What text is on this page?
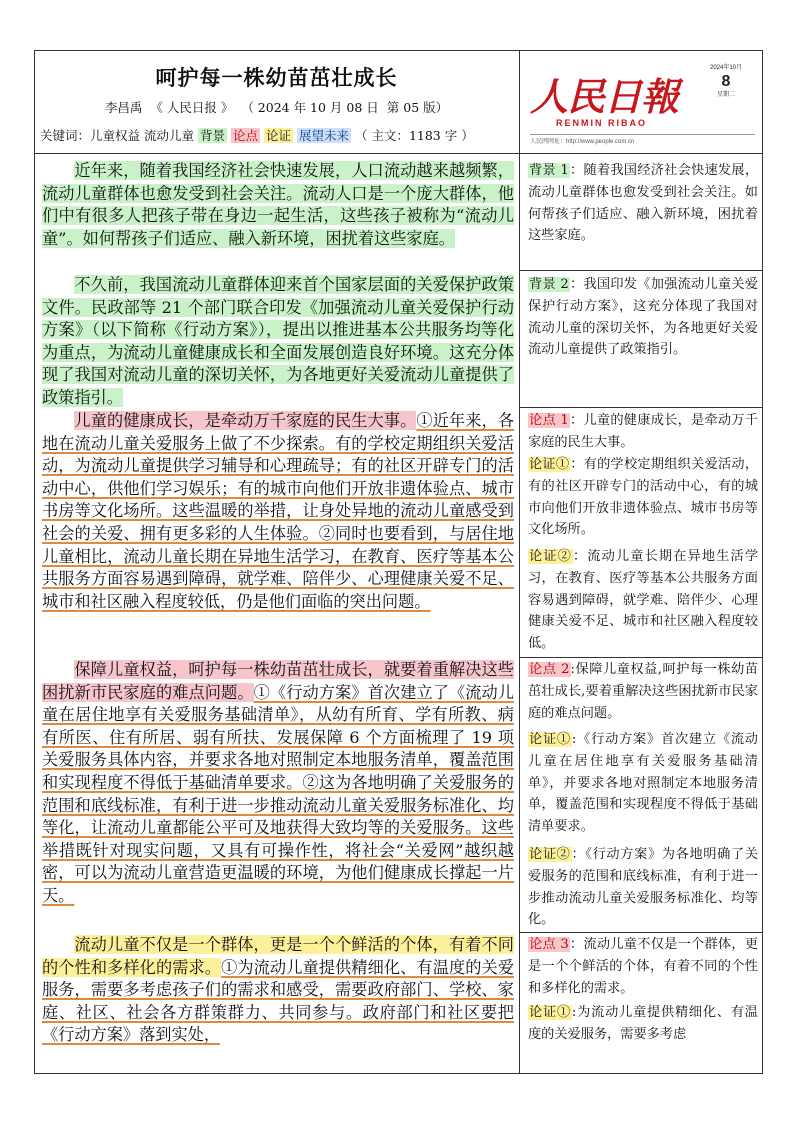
呵护每一株幼苗茁壮成长
李昌禹 《 人民日报 》 （ 2024 年 10 月 08 日 第 05 版）
关键词：儿童权益 流动儿童 背景 论点 论证 展望未来 （ 主文：1183 字 ）
人民日報
RENMIN RIBAO
人民网网址：http://www.people.com.cn
2024年10月
8
星期二

近年来，随着我国经济社会快速发展，人口流动越来越频繁，流动儿童群体也愈发受到社会关注。流动人口是一个庞大群体，他们中有很多人把孩子带在身边一起生活，这些孩子被称为“流动儿童”。如何帮孩子们适应、融入新环境，困扰着这些家庭。

不久前，我国流动儿童群体迎来首个国家层面的关爱保护政策文件。民政部等 21 个部门联合印发《加强流动儿童关爱保护行动方案》（以下简称《行动方案》），提出以推进基本公共服务均等化为重点，为流动儿童健康成长和全面发展创造良好环境。这充分体现了我国对流动儿童的深切关怀，为各地更好关爱流动儿童提供了政策指引。

儿童的健康成长，是牵动万千家庭的民生大事。①近年来，各地在流动儿童关爱服务上做了不少探索。有的学校定期组织关爱活动，为流动儿童提供学习辅导和心理疏导；有的社区开辟专门的活动中心，供他们学习娱乐；有的城市向他们开放非遗体验点、城市书房等文化场所。这些温暖的举措，让身处异地的流动儿童感受到社会的关爱、拥有更多彩的人生体验。②同时也要看到，与居住地儿童相比，流动儿童长期在异地生活学习，在教育、医疗等基本公共服务方面容易遇到障碍，就学难、陪伴少、心理健康关爱不足、城市和社区融入程度较低，仍是他们面临的突出问题。

保障儿童权益，呵护每一株幼苗茁壮成长，就要着重解决这些困扰新市民家庭的难点问题。①《行动方案》首次建立了《流动儿童在居住地享有关爱服务基础清单》，从幼有所育、学有所教、病有所医、住有所居、弱有所扶、发展保障 6 个方面梳理了 19 项关爱服务具体内容，并要求各地对照制定本地服务清单，覆盖范围和实现程度不得低于基础清单要求。②这为各地明确了关爱服务的范围和底线标准，有利于进一步推动流动儿童关爱服务标准化、均等化，让流动儿童都能公平可及地获得大致均等的关爱服务。这些举措既针对现实问题，又具有可操作性，将社会“关爱网”越织越密，可以为流动儿童营造更温暖的环境，为他们健康成长撑起一片天。

流动儿童不仅是一个群体，更是一个个鲜活的个体，有着不同的个性和多样化的需求。①为流动儿童提供精细化、有温度的关爱服务，需要多考虑孩子们的需求和感受，需要政府部门、学校、家庭、社区、社会各方群策群力、共同参与。政府部门和社区要把《行动方案》落到实处，

背景 1：随着我国经济社会快速发展，流动儿童群体也愈发受到社会关注。如何帮孩子们适应、融入新环境，困扰着这些家庭。
背景 2：我国印发《加强流动儿童关爱保护行动方案》，这充分体现了我国对流动儿童的深切关怀，为各地更好关爱流动儿童提供了政策指引。
论点 1：儿童的健康成长，是牵动万千家庭的民生大事。
论证①：有的学校定期组织关爱活动，有的社区开辟专门的活动中心，有的城市向他们开放非遗体验点、城市书房等文化场所。
论证②：流动儿童长期在异地生活学习，在教育、医疗等基本公共服务方面容易遇到障碍，就学难、陪伴少、心理健康关爱不足、城市和社区融入程度较低。
论点 2:保障儿童权益,呵护每一株幼苗茁壮成长,要着重解决这些困扰新市民家庭的难点问题。
论证①:《行动方案》首次建立《流动儿童在居住地享有关爱服务基础清单》，并要求各地对照制定本地服务清单，覆盖范围和实现程度不得低于基础清单要求。
论证②：《行动方案》为各地明确了关爱服务的范围和底线标准，有利于进一步推动流动儿童关爱服务标准化、均等化。
论点 3：流动儿童不仅是一个群体，更是一个个鲜活的个体，有着不同的个性和多样化的需求。
论证①:为流动儿童提供精细化、有温度的关爱服务，需要多考虑
